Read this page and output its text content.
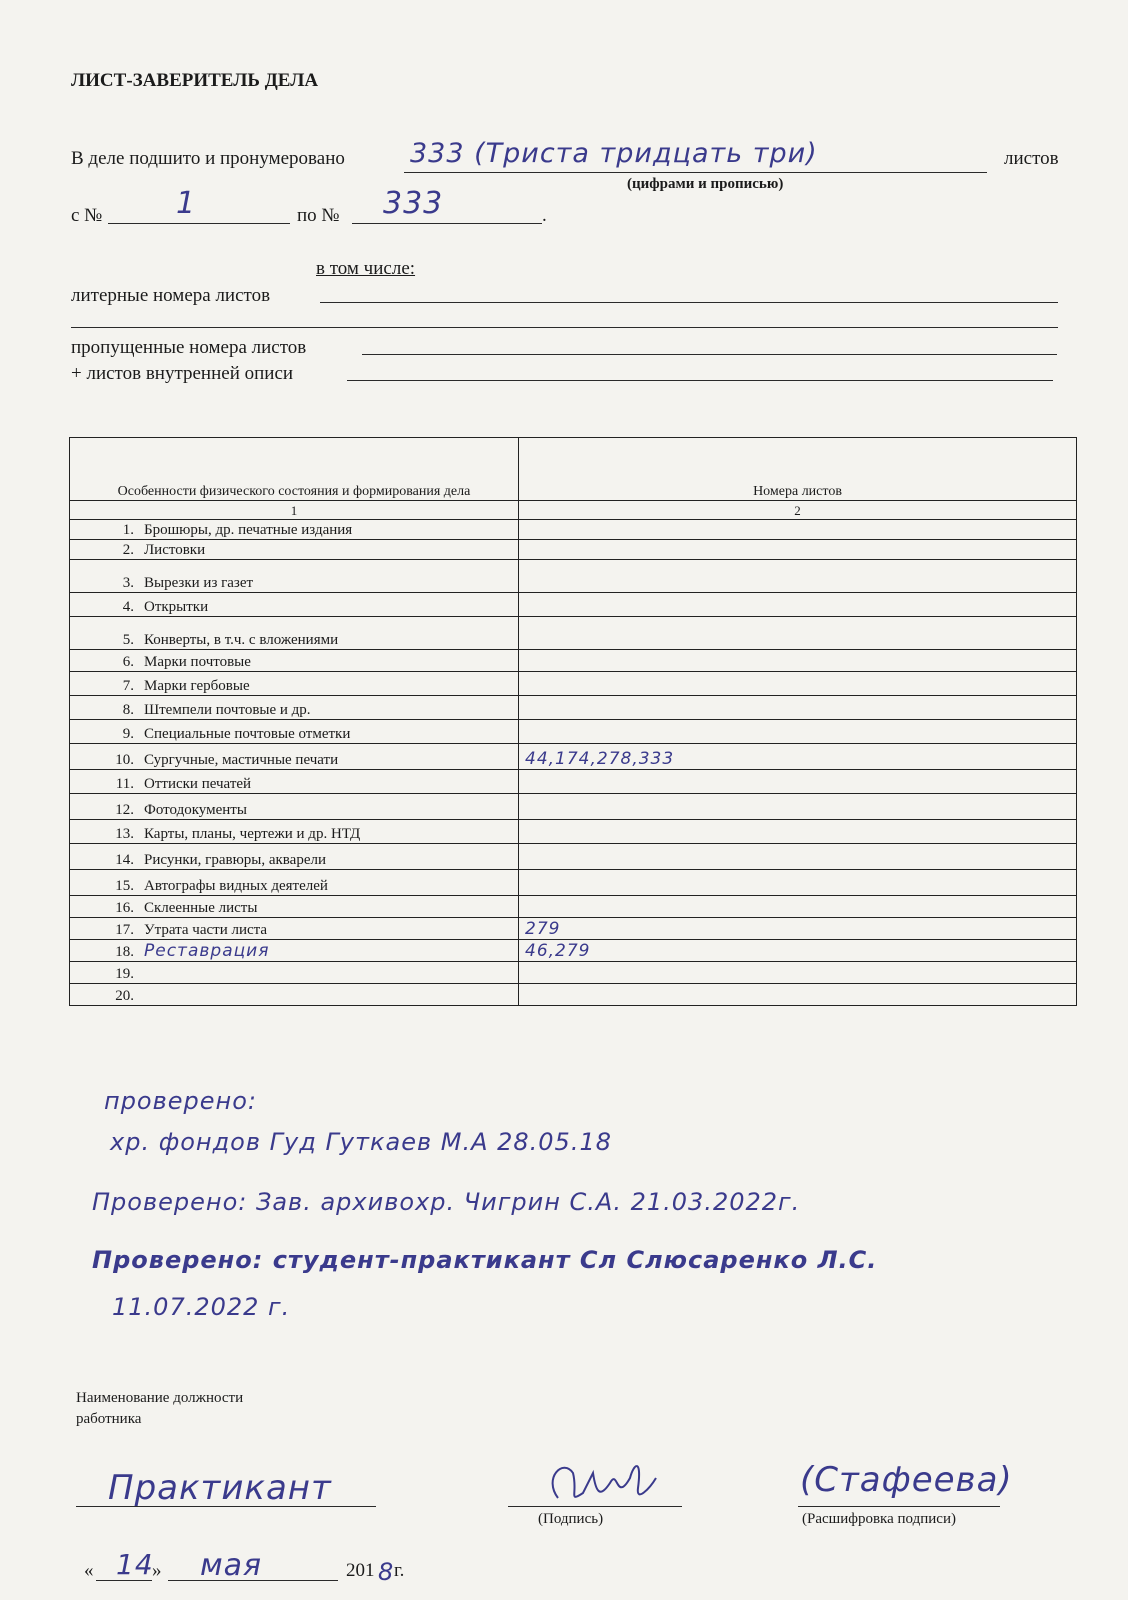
ЛИСТ-ЗАВЕРИТЕЛЬ ДЕЛА
В деле подшито и пронумеровано 333 (Триста тридцать три)	листов
(цифрами и прописью)
с № 1	по № 333	.
в том числе:
литерные номера листов
пропущенные номера листов
+ листов внутренней описи
Особенности физического состояния и формирования дела	Номера листов
1	2
1. Брошюры, др. печатные издания	
2. Листовки	
3. Вырезки из газет	
4. Открытки	
5. Конверты, в т.ч. с вложениями	
6. Марки почтовые	
7. Марки гербовые	
8. Штемпели почтовые и др.	
9. Специальные почтовые отметки	
10. Сургучные, мастичные печати	44,174,278,333
11. Оттиски печатей	
12. Фотодокументы	
13. Карты, планы, чертежи и др. НТД	
14. Рисунки, гравюры, акварели	
15. Автографы видных деятелей	
16. Склеенные листы	
17. Утрата части листа	279
18. Реставрация	46,279
19.	
20.	
проверено:
хр. фондов Гуд Гуткаев М.А 28.05.18
Проверено: Зав. архивохр. Чигрин С.А. 21.03.2022г.
Проверено: студент-практикант Сл Слюсаренко Л.С.
11.07.2022 г.
Наименование должности
работника
Практикант
(Подпись)
(Стафеева)
(Расшифровка подписи)
« 14
» мая	201 8 г.
